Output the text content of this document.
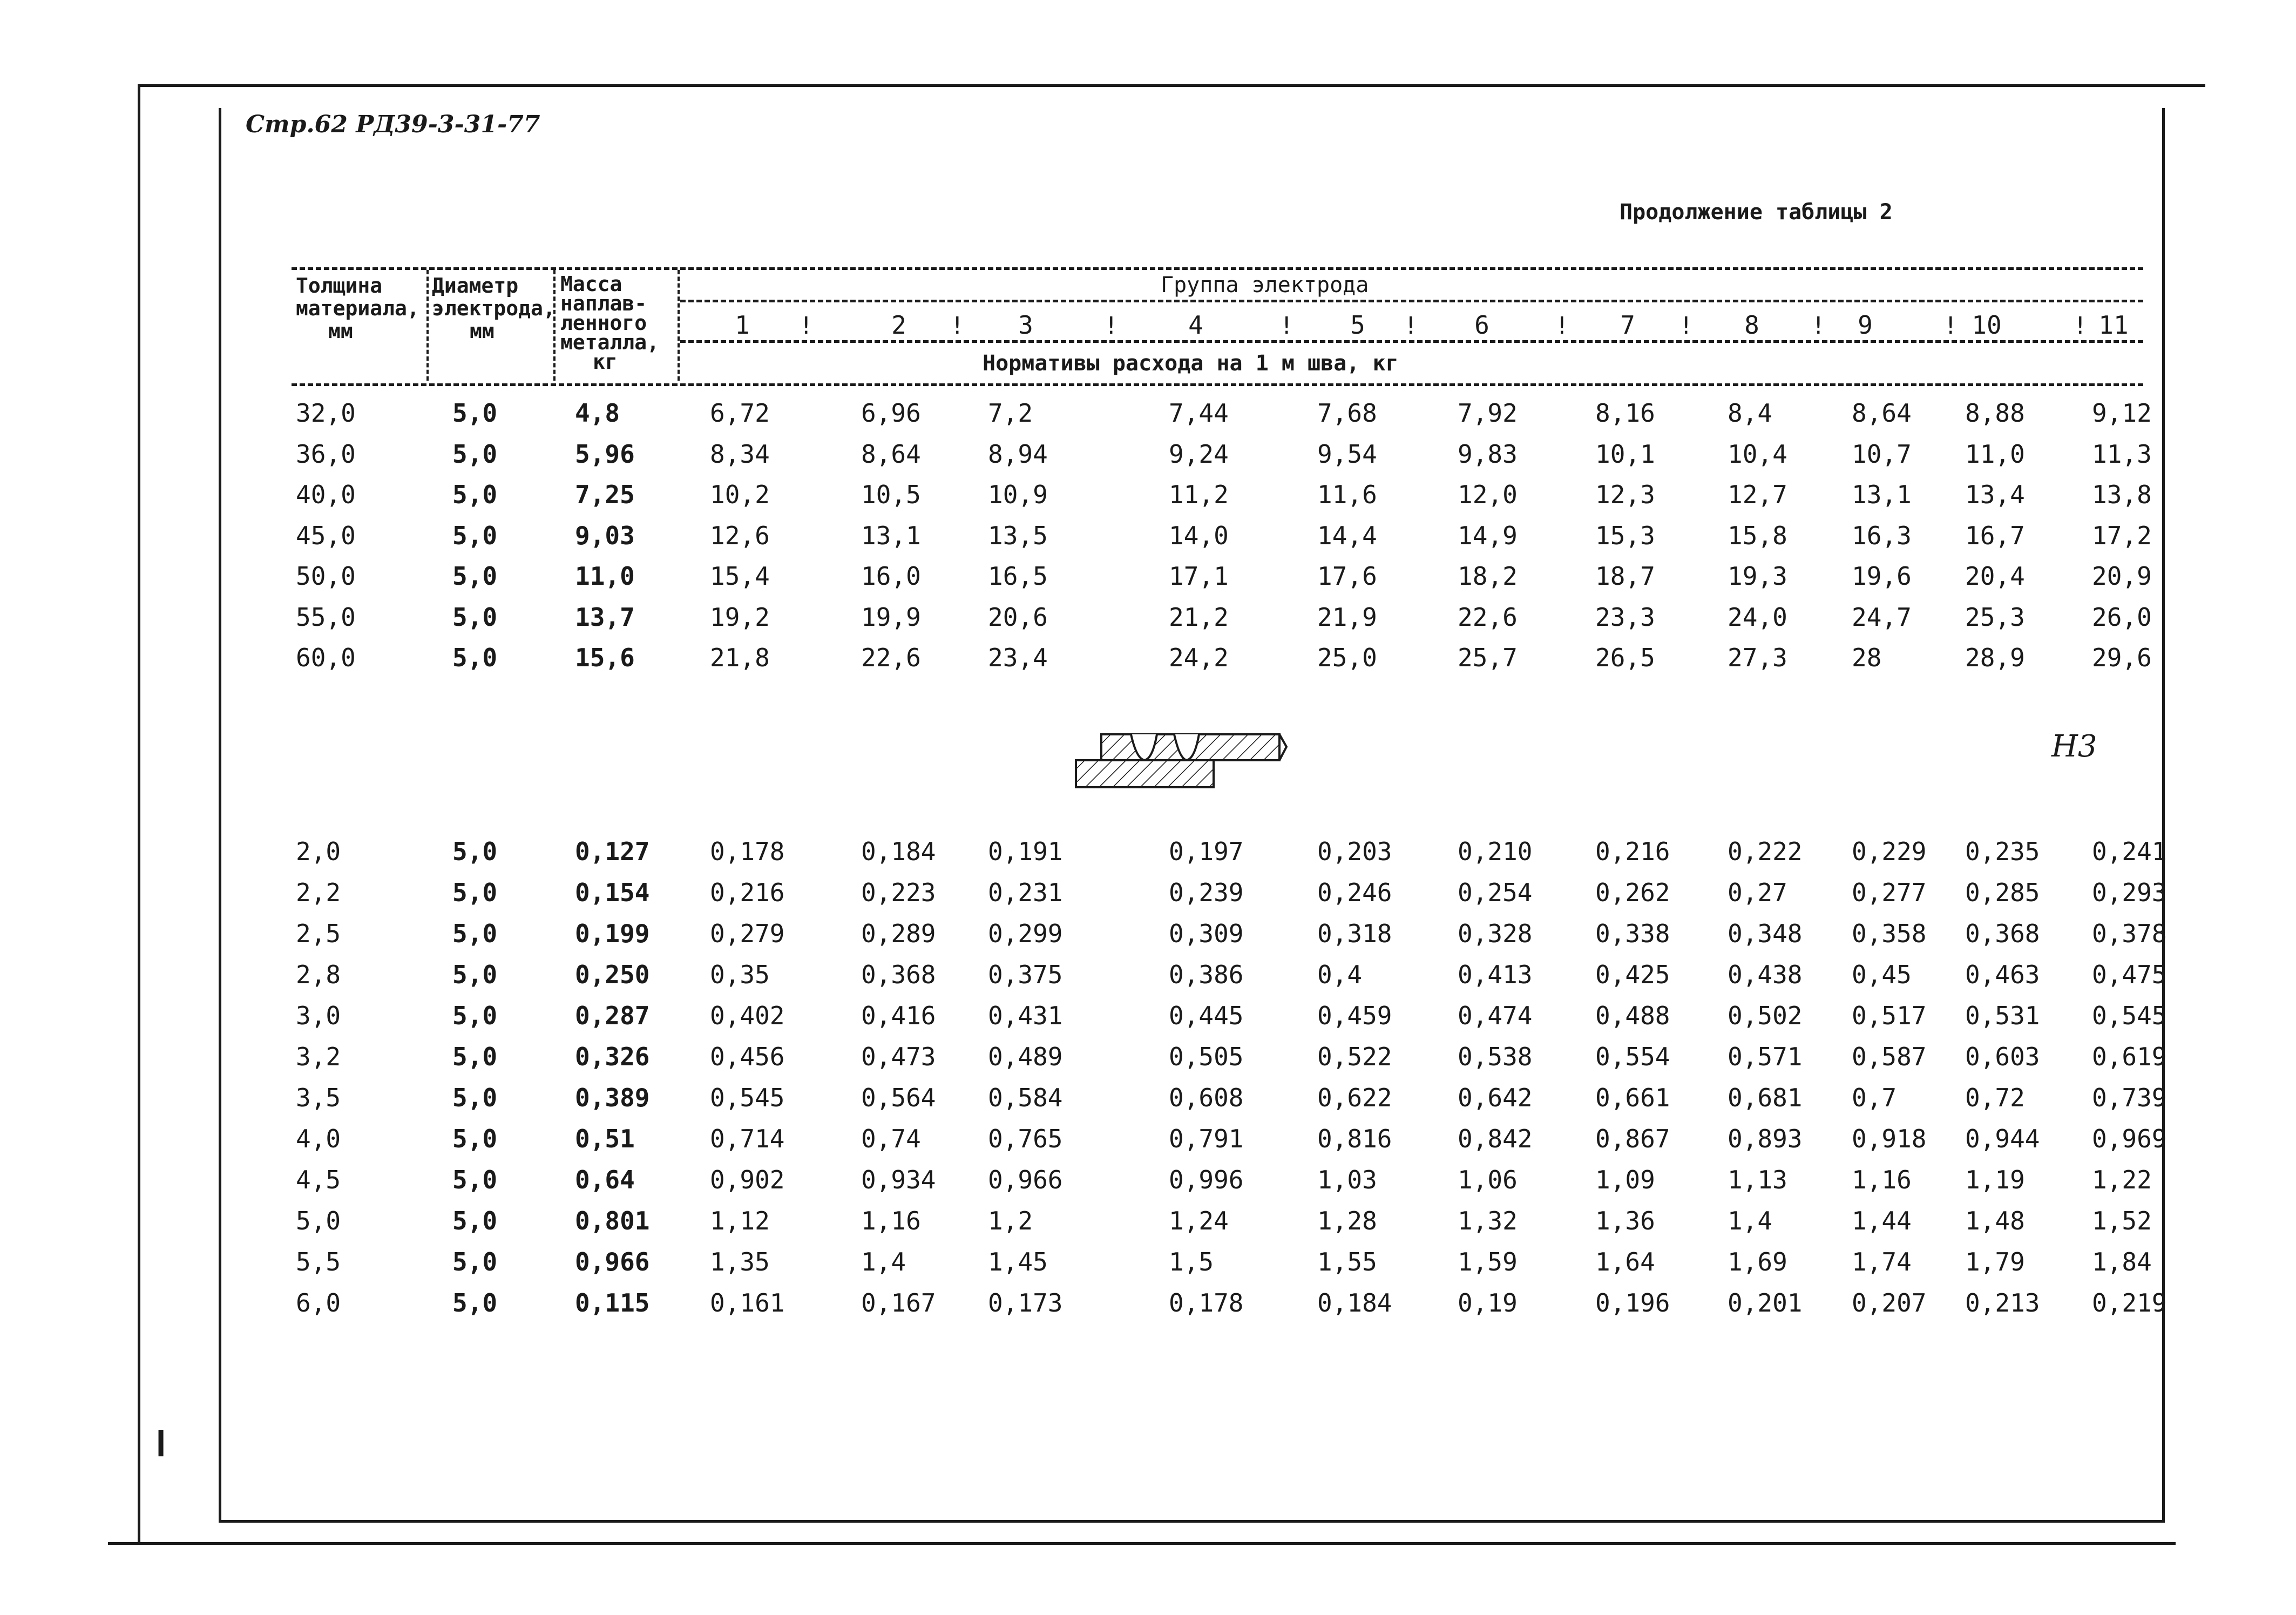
Стр.62 РД39-3-31-77
Продолжение таблицы 2
Толщина
материала,
мм
Диаметр
электрода,
мм
Масса
наплав-
ленного
металла,
кг
Группа электрода
1	2	3	4	5	6	7	8	9	10	11
!	!	!	!	!	!	!	!	!	!
Нормативы расхода на 1 м шва, кг
32,0	5,0	4,8	6,72	6,96	7,2	7,44	7,68	7,92	8,16	8,4	8,64 8,88	9,12
36,0	5,0	5,96	8,34	8,64	8,94	9,24	9,54	9,83	10,1	10,4	10,7 11,0	11,3
40,0	5,0	7,25	10,2	10,5	10,9	11,2	11,6	12,0	12,3	12,7	13,1 13,4	13,8
45,0	5,0	9,03	12,6	13,1	13,5	14,0	14,4	14,9	15,3	15,8	16,3 16,7	17,2
50,0	5,0	11,0	15,4	16,0	16,5	17,1	17,6	18,2	18,7	19,3	19,6 20,4	20,9
55,0	5,0	13,7	19,2	19,9	20,6	21,2	21,9	22,6	23,3	24,0	24,7 25,3	26,0
60,0	5,0	15,6	21,8	22,6	23,4	24,2	25,0	25,7	26,5	27,3	28	28,9	29,6
Н3
2,0	5,0	0,127 0,178	0,184 0,191	0,197	0,203	0,210	0,216 0,222 0,229 0,235 0,241
2,2	5,0	0,154 0,216	0,223 0,231	0,239	0,246	0,254	0,262 0,27	0,277 0,285 0,293
2,5	5,0	0,199 0,279	0,289 0,299	0,309	0,318	0,328	0,338 0,348 0,358 0,368 0,378
2,8	5,0	0,250 0,35	0,368 0,375	0,386	0,4	0,413	0,425 0,438 0,45 0,463 0,475
3,0	5,0	0,287 0,402	0,416 0,431	0,445	0,459	0,474	0,488 0,502 0,517 0,531 0,545
3,2	5,0	0,326 0,456	0,473 0,489	0,505	0,522	0,538	0,554 0,571 0,587 0,603 0,619
3,5	5,0	0,389 0,545	0,564 0,584	0,608	0,622	0,642	0,661 0,681 0,7	0,72	0,739
4,0	5,0	0,51	0,714	0,74	0,765	0,791	0,816	0,842	0,867 0,893 0,918 0,944 0,969
4,5	5,0	0,64	0,902	0,934 0,966	0,996	1,03	1,06	1,09	1,13	1,16 1,19	1,22
5,0	5,0	0,801 1,12	1,16	1,2	1,24	1,28	1,32	1,36	1,4	1,44 1,48	1,52
5,5	5,0	0,966 1,35	1,4	1,45	1,5	1,55	1,59	1,64	1,69	1,74 1,79	1,84
6,0	5,0	0,115 0,161	0,167 0,173	0,178	0,184	0,19	0,196 0,201 0,207 0,213 0,219
❙
